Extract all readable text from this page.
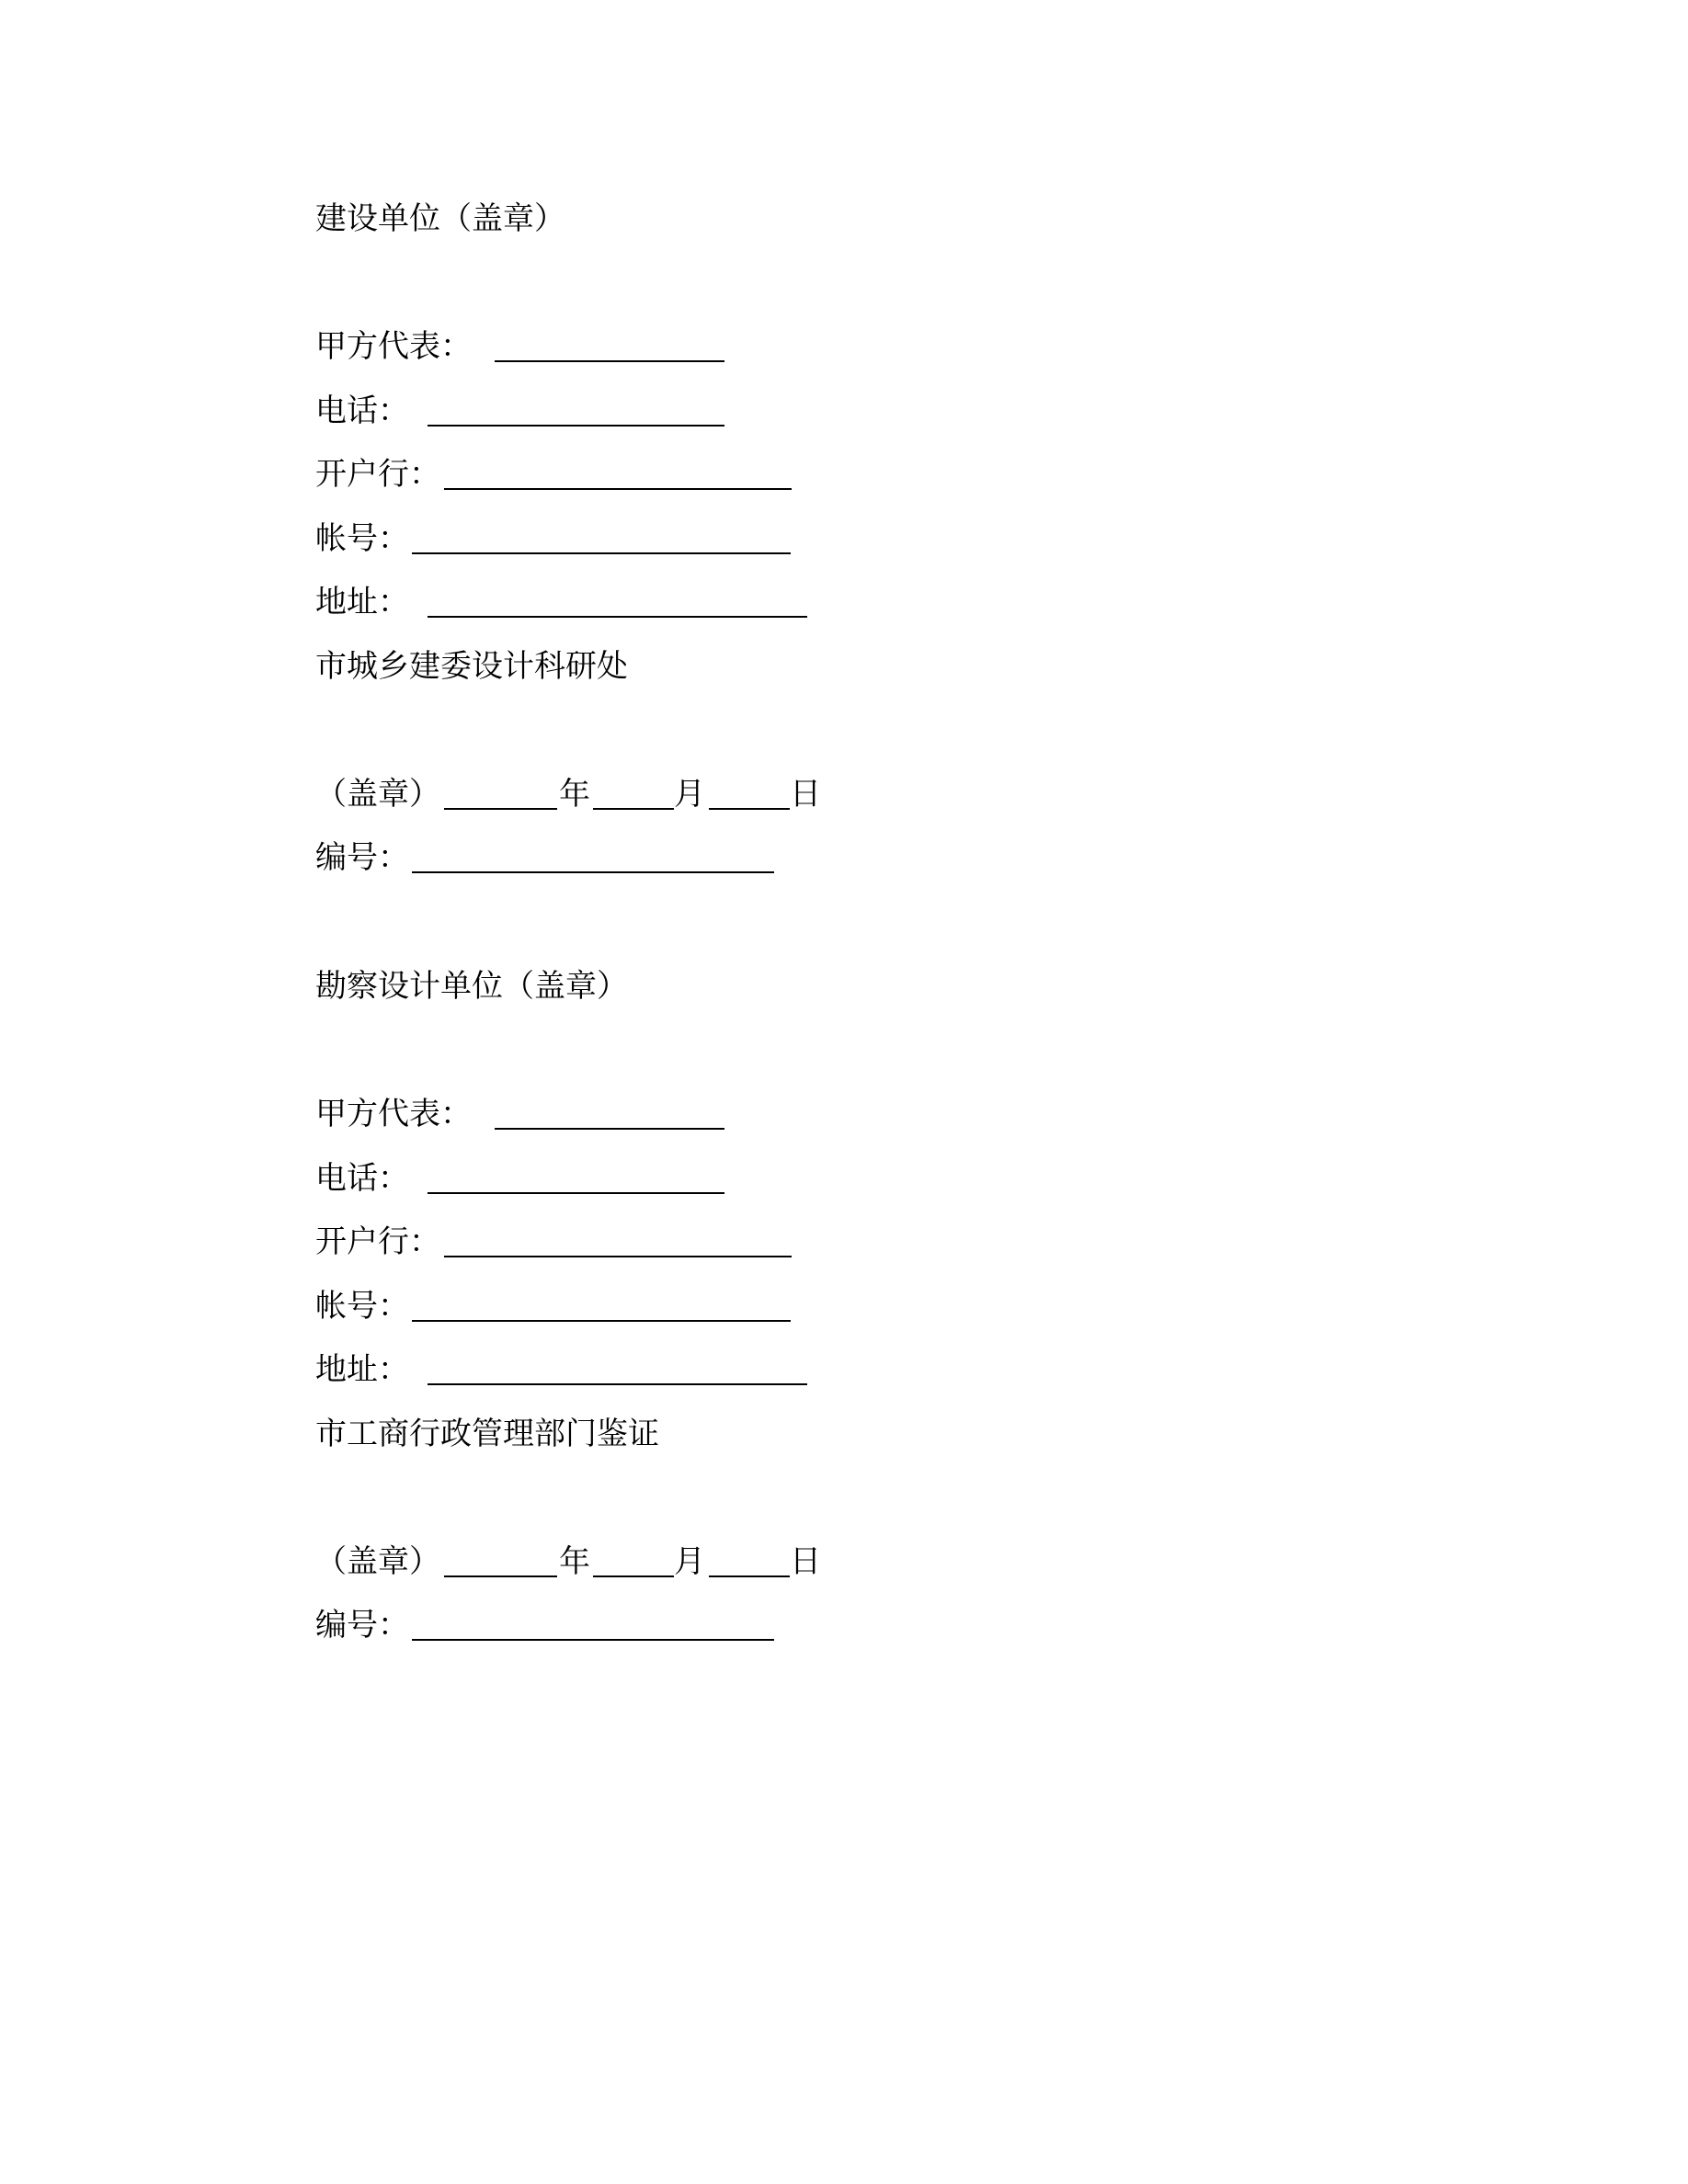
建设单位（盖章）
甲方代表：
电话：
开户行：
帐号：
地址：
市城乡建委设计科研处
（盖章）	年	月	日
编号：
勘察设计单位（盖章）
甲方代表：
电话：
开户行：
帐号：
地址：
市工商行政管理部门鉴证
（盖章）	年	月	日
编号：
